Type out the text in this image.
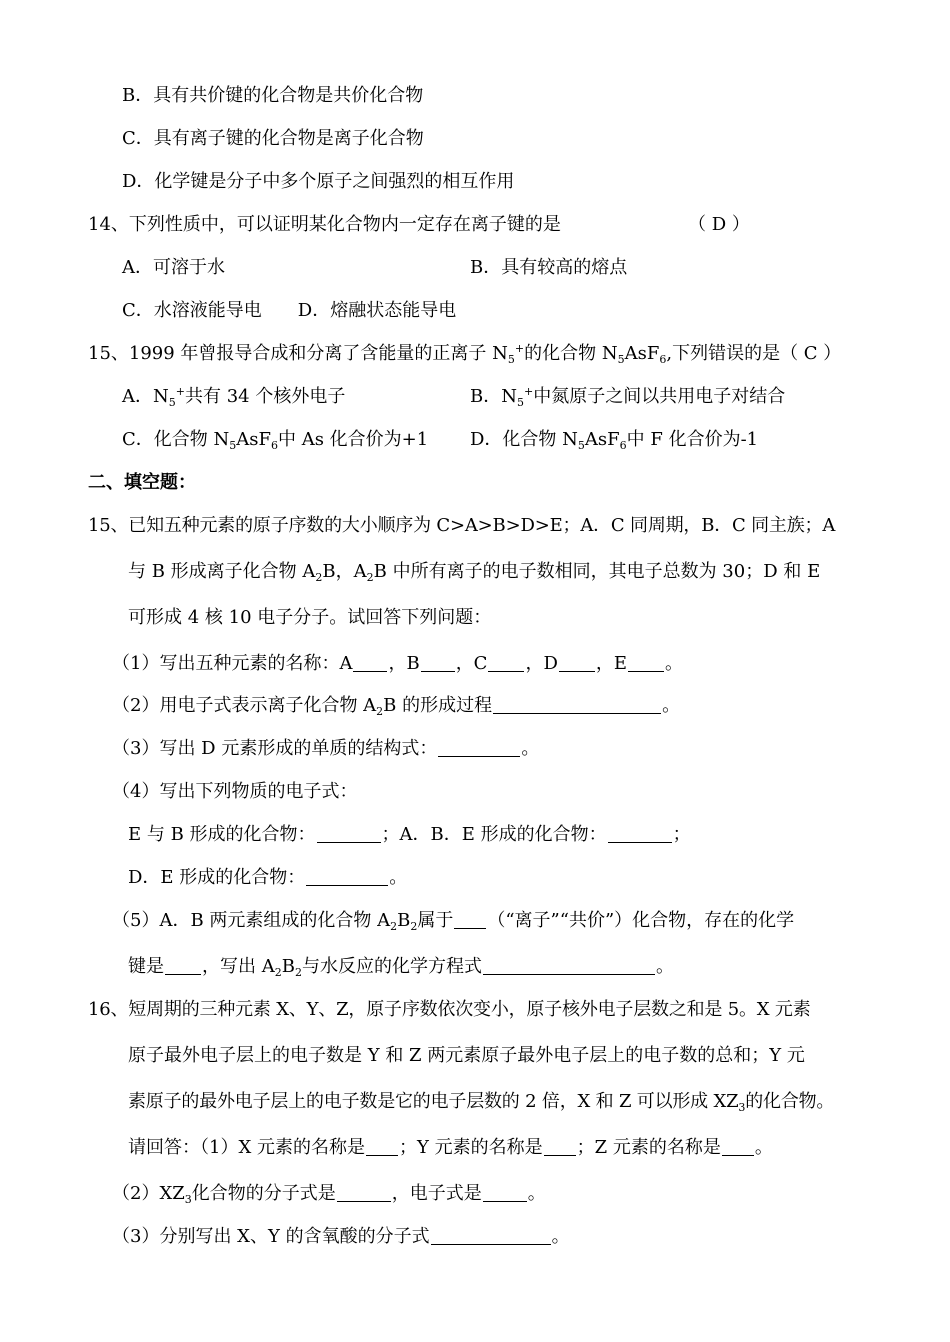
B．具有共价键的化合物是共价化合物
C．具有离子键的化合物是离子化合物
D．化学键是分子中多个原子之间强烈的相互作用
14、下列性质中，可以证明某化合物内一定存在离子键的是	（ D ）
A．可溶于水	B．具有较高的熔点
C．水溶液能导电　　D．熔融状态能导电
15、1999 年曾报导合成和分离了含能量的正离子 $N_5^+$的化合物 $N_5AsF_6$,下列错误的是（ C ）
A．$N_5^+$共有 34 个核外电子	B．$N_5^+$中氮原子之间以共用电子对结合
C．化合物 $N_5AsF_6$中 As 化合价为+1 D．化合物 $N_5AsF_6$中 F 化合价为-1
二、填空题：
15、已知五种元素的原子序数的大小顺序为 C>A>B>D>E；A．C 同周期，B．C 同主族；A
与 B 形成离子化合物 $A_2B$，$A_2B$ 中所有离子的电子数相同，其电子总数为 30；D 和 E
可形成 4 核 10 电子分子。试回答下列问题：
（1）写出五种元素的名称：A ，B ，C ，D ，E 。
（2）用电子式表示离子化合物 $A_2B$ 的形成过程	。
（3）写出 D 元素形成的单质的结构式：	。
（4）写出下列物质的电子式：
E 与 B 形成的化合物：	；A．B．E 形成的化合物：	；
D．E 形成的化合物：	。
（5）A．B 两元素组成的化合物 $A_2B_2$属于 （“离子”“共价”）化合物，存在的化学
键是 ，写出 $A_2B_2$与水反应的化学方程式	。
16、短周期的三种元素 X、Y、Z，原子序数依次变小，原子核外电子层数之和是 5。X 元素
原子最外电子层上的电子数是 Y 和 Z 两元素原子最外电子层上的电子数的总和；Y 元
素原子的最外电子层上的电子数是它的电子层数的 2 倍，X 和 Z 可以形成 $XZ_3$的化合物。
请回答：（1）X 元素的名称是 ；Y 元素的名称是 ；Z 元素的名称是 。
$(2)XZ_3$化合物的分子式是	，电子式是	。
（3）分别写出 X、Y 的含氧酸的分子式	。
